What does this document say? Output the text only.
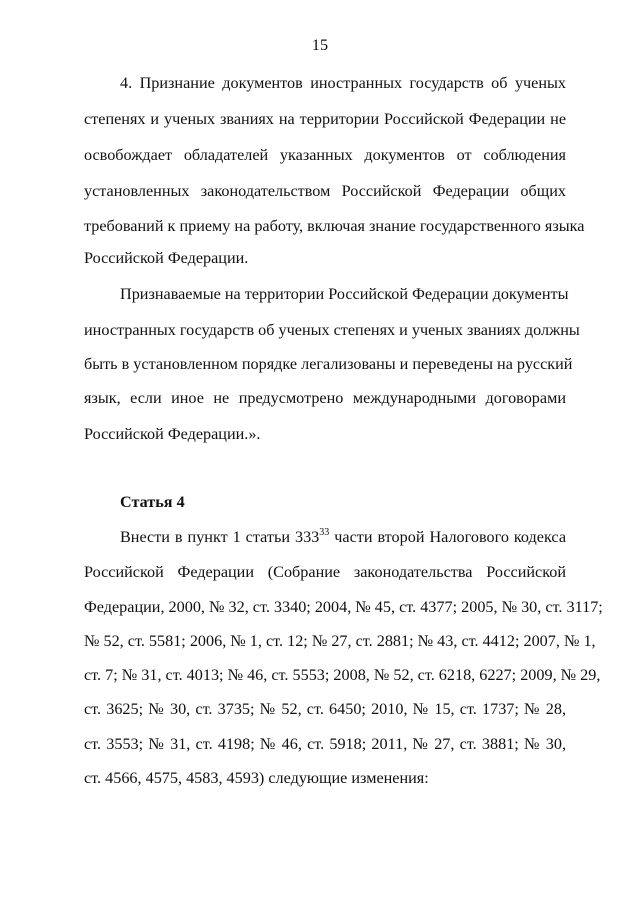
15
4. Признание документов иностранных государств об ученых
степенях и ученых званиях на территории Российской Федерации не
освобождает обладателей указанных документов от соблюдения
установленных законодательством Российской Федерации общих
требований к приему на работу, включая знание государственного языка
Российской Федерации.
Признаваемые на территории Российской Федерации документы
иностранных государств об ученых степенях и ученых званиях должны
быть в установленном порядке легализованы и переведены на русский
язык, если иное не предусмотрено международными договорами
Российской Федерации.».
Статья 4
Внести в пункт 1 статьи $333^{33}$ части второй Налогового кодекса
Российской Федерации (Собрание законодательства Российской
Федерации, 2000, № 32, ст. 3340; 2004, № 45, ст. 4377; 2005, № 30, ст. 3117;
№ 52, ст. 5581; 2006, № 1, ст. 12; № 27, ст. 2881; № 43, ст. 4412; 2007, № 1,
ст. 7; № 31, ст. 4013; № 46, ст. 5553; 2008, № 52, ст. 6218, 6227; 2009, № 29,
ст. 3625; № 30, ст. 3735; № 52, ст. 6450; 2010, № 15, ст. 1737; № 28,
ст. 3553; № 31, ст. 4198; № 46, ст. 5918; 2011, № 27, ст. 3881; № 30,
ст. 4566, 4575, 4583, 4593) следующие изменения:
